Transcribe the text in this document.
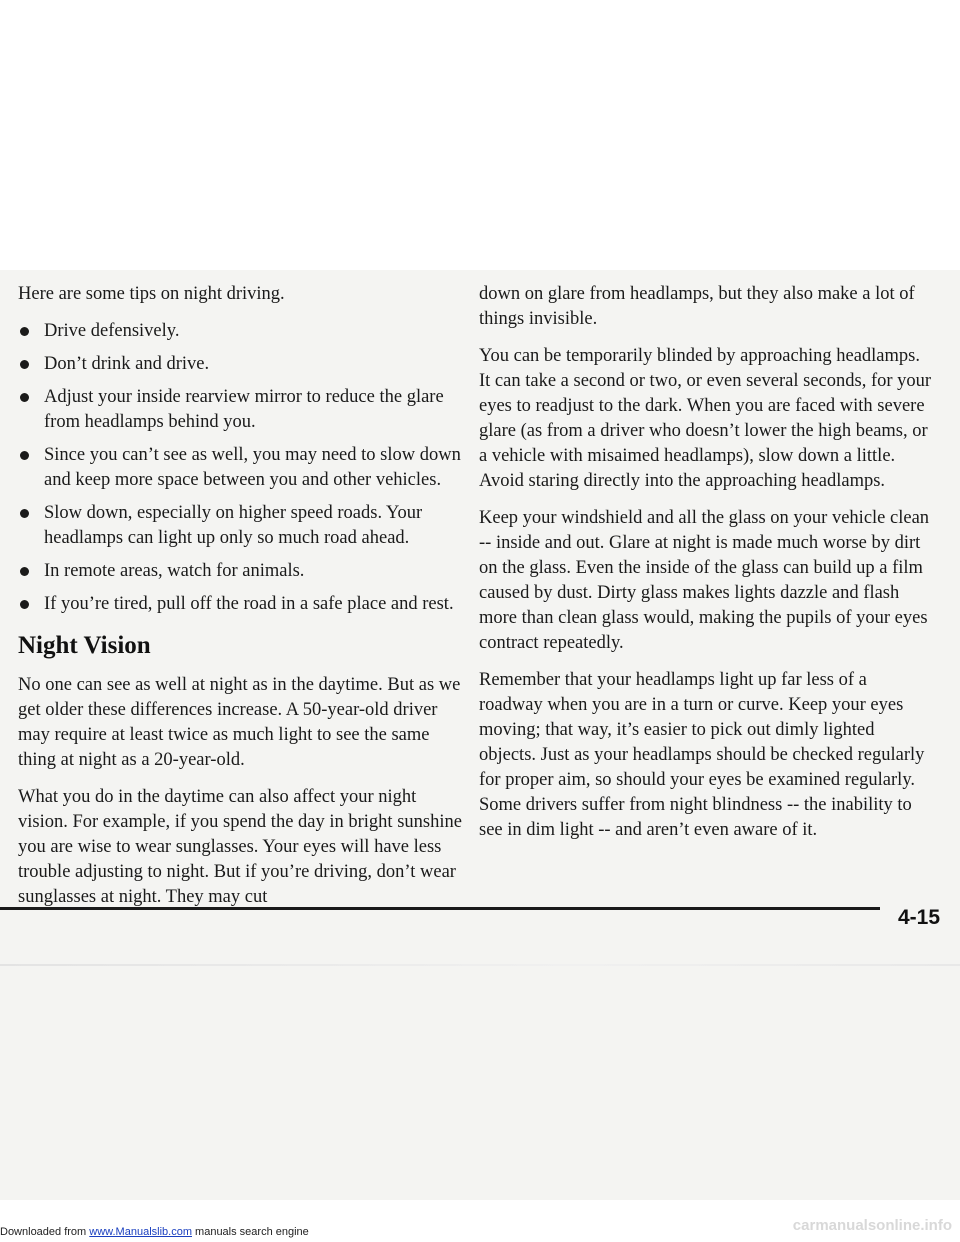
Here are some tips on night driving.

Drive defensively.
Don’t drink and drive.
Adjust your inside rearview mirror to reduce the glare from headlamps behind you.
Since you can’t see as well, you may need to slow down and keep more space between you and other vehicles.
Slow down, especially on higher speed roads. Your headlamps can light up only so much road ahead.
In remote areas, watch for animals.
If you’re tired, pull off the road in a safe place and rest.
Night Vision

No one can see as well at night as in the daytime. But as we get older these differences increase. A 50-year-old driver may require at least twice as much light to see the same thing at night as a 20-year-old.

What you do in the daytime can also affect your night vision. For example, if you spend the day in bright sunshine you are wise to wear sunglasses. Your eyes will have less trouble adjusting to night. But if you’re driving, don’t wear sunglasses at night. They may cut

down on glare from headlamps, but they also make a lot of things invisible.

You can be temporarily blinded by approaching headlamps. It can take a second or two, or even several seconds, for your eyes to readjust to the dark. When you are faced with severe glare (as from a driver who doesn’t lower the high beams, or a vehicle with misaimed headlamps), slow down a little. Avoid staring directly into the approaching headlamps.

Keep your windshield and all the glass on your vehicle clean -- inside and out. Glare at night is made much worse by dirt on the glass. Even the inside of the glass can build up a film caused by dust. Dirty glass makes lights dazzle and flash more than clean glass would, making the pupils of your eyes contract repeatedly.

Remember that your headlamps light up far less of a roadway when you are in a turn or curve. Keep your eyes moving; that way, it’s easier to pick out dimly lighted objects. Just as your headlamps should be checked regularly for proper aim, so should your eyes be examined regularly. Some drivers suffer from night blindness -- the inability to see in dim light -- and aren’t even aware of it.

4-15
Downloaded from www.Manualslib.com manuals search engine	carmanualsonline.info
